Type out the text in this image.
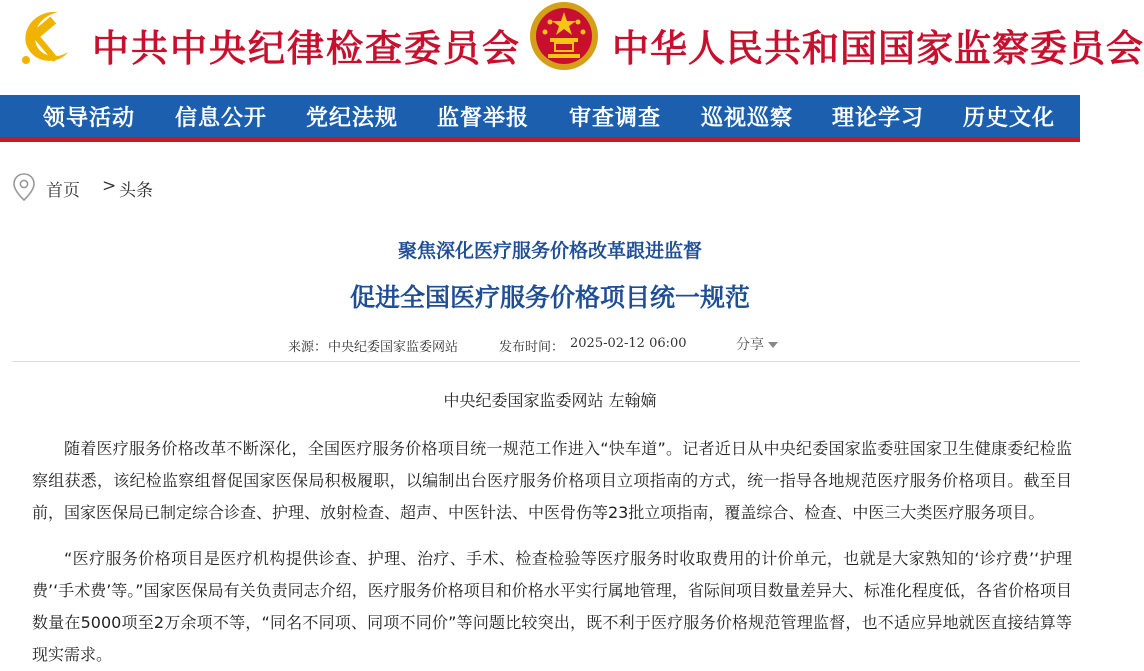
中共中央纪律检查委员会 中华人民共和国国家监察委员会
领导活动 信息公开 党纪法规 监督举报 审查调查 巡视巡察 理论学习 历史文化
首页 > 头条
聚焦深化医疗服务价格改革跟进监督
促进全国医疗服务价格项目统一规范
来源： 中央纪委国家监委网站	发布时间： 2025-02-12 06:00	分享
中央纪委国家监委网站 左翰嫡

随着医疗服务价格改革不断深化，全国医疗服务价格项目统一规范工作进入“快车道”。记者近日从中央纪委国家监委驻国家卫生健康委纪检监察组获悉，该纪检监察组督促国家医保局积极履职，以编制出台医疗服务价格项目立项指南的方式，统一指导各地规范医疗服务价格项目。截至目前，国家医保局已制定综合诊查、护理、放射检查、超声、中医针法、中医骨伤等23批立项指南，覆盖综合、检查、中医三大类医疗服务项目。

“医疗服务价格项目是医疗机构提供诊查、护理、治疗、手术、检查检验等医疗服务时收取费用的计价单元，也就是大家熟知的‘诊疗费’‘护理费’‘手术费’等。”国家医保局有关负责同志介绍，医疗服务价格项目和价格水平实行属地管理，省际间项目数量差异大、标准化程度低，各省价格项目数量在5000项至2万余项不等，“同名不同项、同项不同价”等问题比较突出，既不利于医疗服务价格规范管理监督，也不适应异地就医直接结算等现实需求。
